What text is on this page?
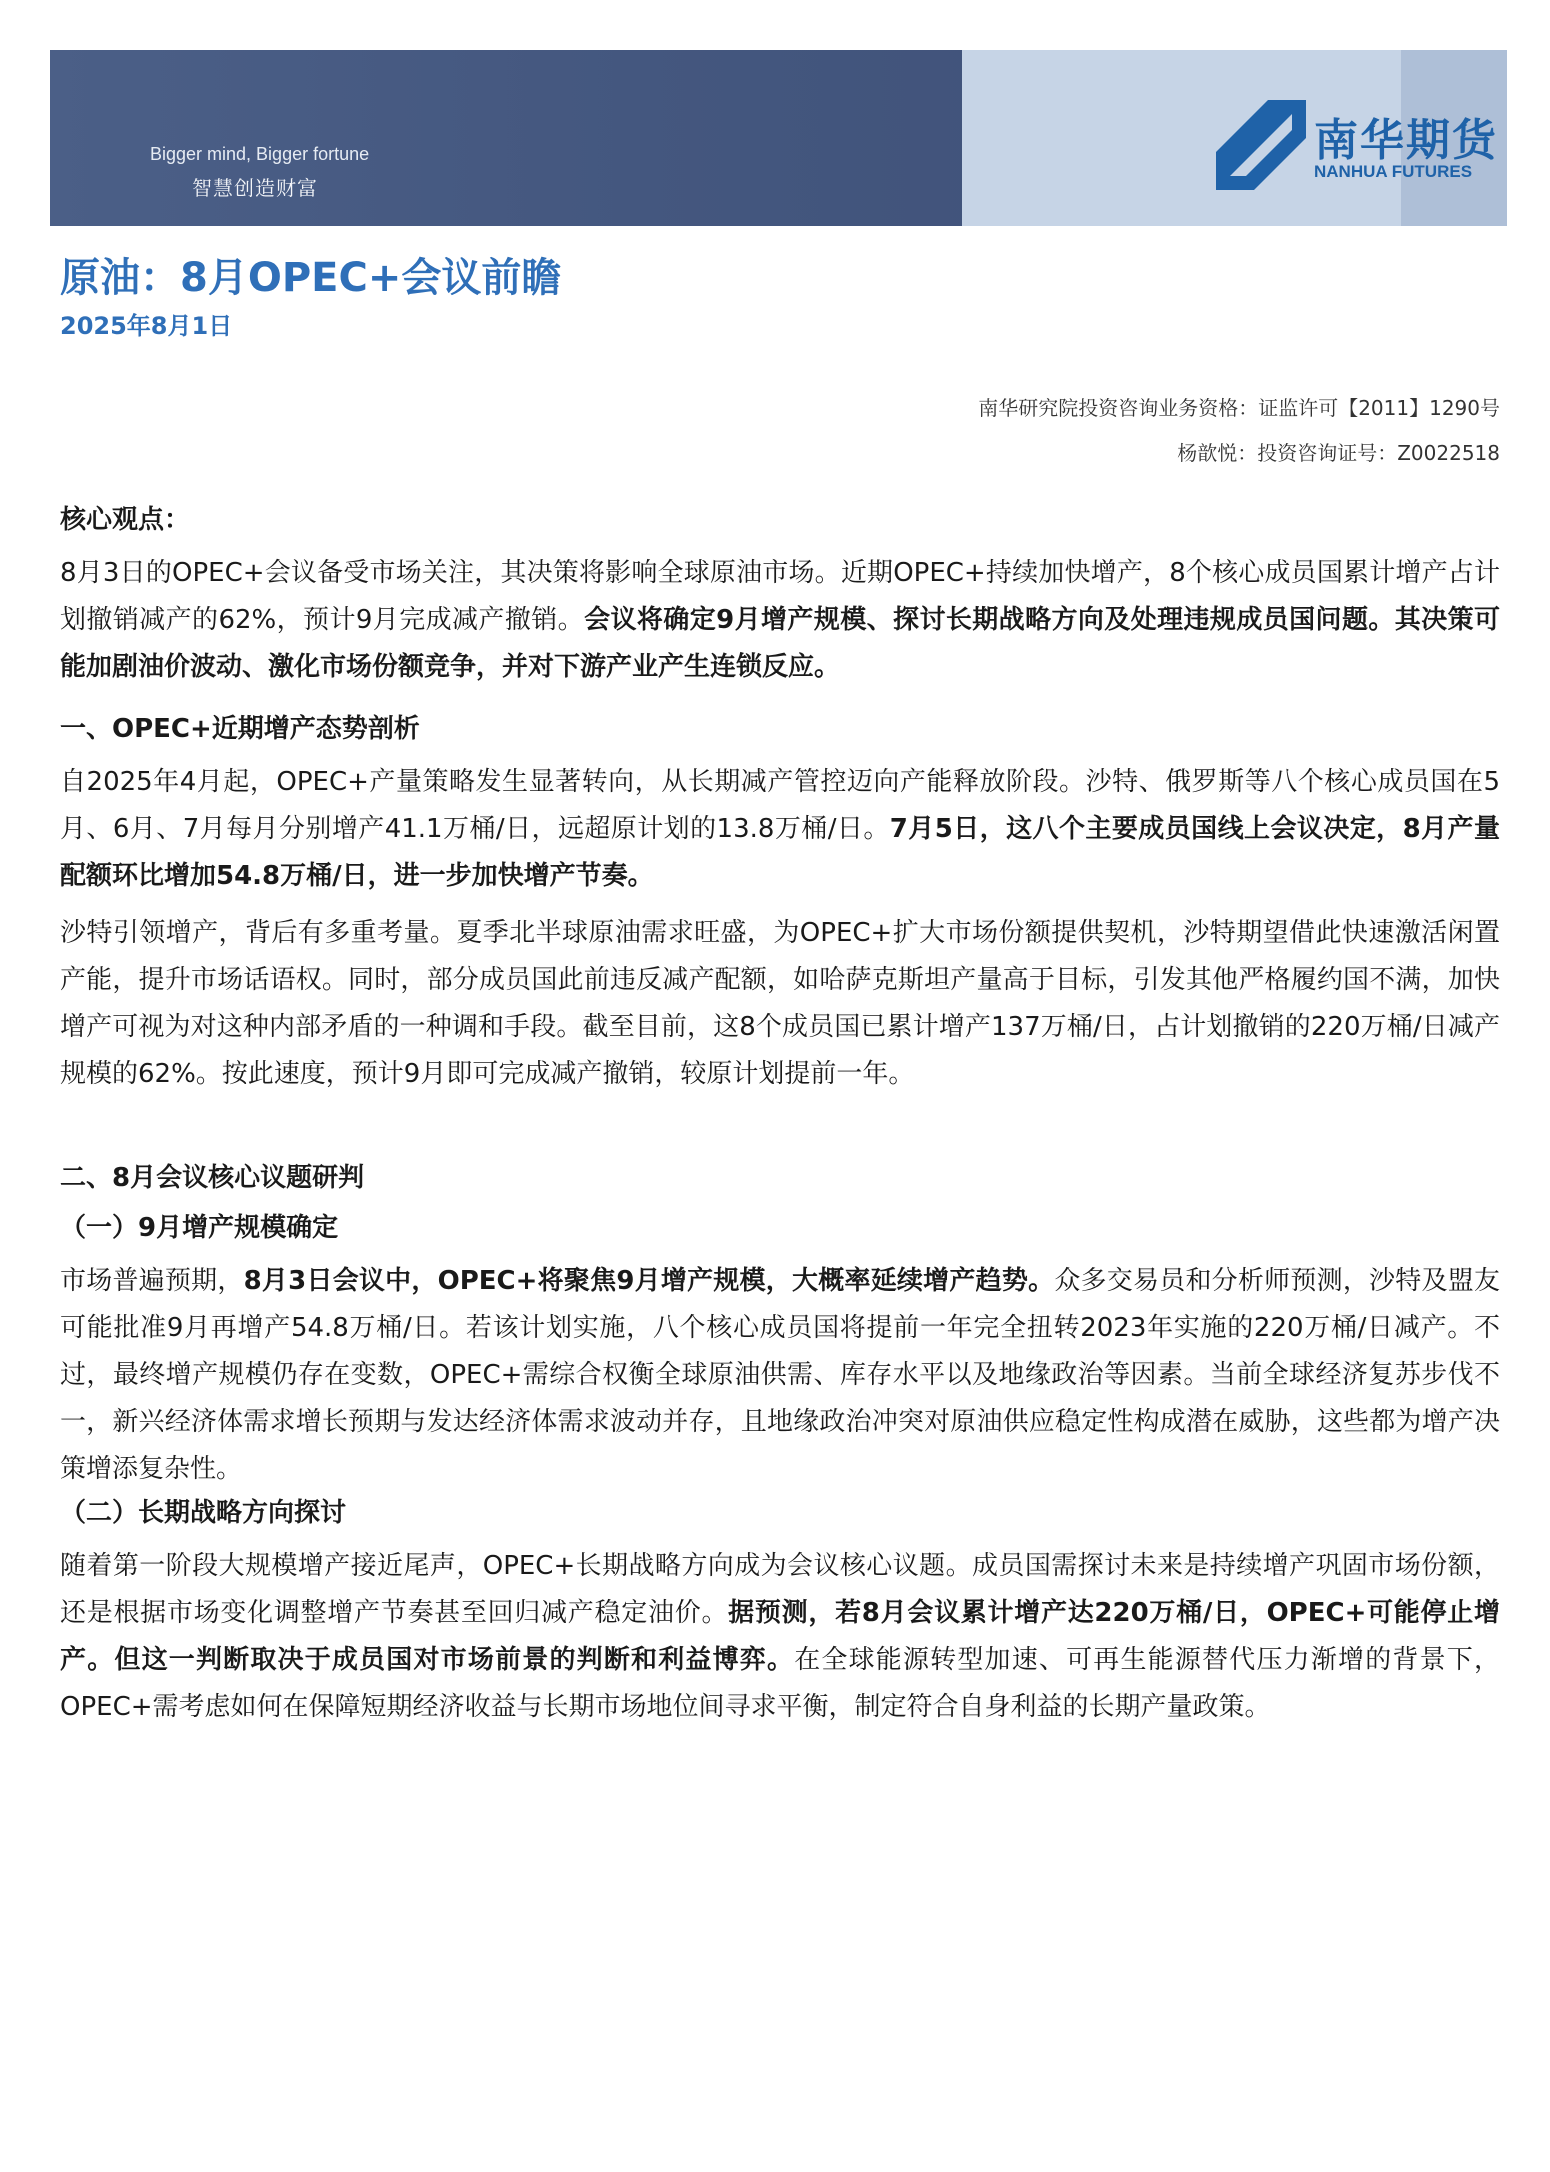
Bigger mind, Bigger fortune
智慧创造财富
南华期货
NANHUA FUTURES
原油：8月OPEC+会议前瞻
2025年8月1日
南华研究院投资咨询业务资格：证监许可【2011】1290号
杨歆悦：投资咨询证号：Z0022518

核心观点：

8月3日的OPEC+会议备受市场关注，其决策将影响全球原油市场。近期OPEC+持续加快增产，8个核心成员国累计增产占计划撤销减产的62%，预计9月完成减产撤销。会议将确定9月增产规模、探讨长期战略方向及处理违规成员国问题。其决策可能加剧油价波动、激化市场份额竞争，并对下游产业产生连锁反应。

一、OPEC+近期增产态势剖析

自2025年4月起，OPEC+产量策略发生显著转向，从长期减产管控迈向产能释放阶段。沙特、俄罗斯等八个核心成员国在5月、6月、7月每月分别增产41.1万桶/日，远超原计划的13.8万桶/日。7月5日，这八个主要成员国线上会议决定，8月产量配额环比增加54.8万桶/日，进一步加快增产节奏。

沙特引领增产，背后有多重考量。夏季北半球原油需求旺盛，为OPEC+扩大市场份额提供契机，沙特期望借此快速激活闲置产能，提升市场话语权。同时，部分成员国此前违反减产配额，如哈萨克斯坦产量高于目标，引发其他严格履约国不满，加快增产可视为对这种内部矛盾的一种调和手段。截至目前，这8个成员国已累计增产137万桶/日，占计划撤销的220万桶/日减产规模的62%。按此速度，预计9月即可完成减产撤销，较原计划提前一年。

二、8月会议核心议题研判

（一）9月增产规模确定

市场普遍预期，8月3日会议中，OPEC+将聚焦9月增产规模，大概率延续增产趋势。众多交易员和分析师预测，沙特及盟友可能批准9月再增产54.8万桶/日。若该计划实施，八个核心成员国将提前一年完全扭转2023年实施的220万桶/日减产。不过，最终增产规模仍存在变数，OPEC+需综合权衡全球原油供需、库存水平以及地缘政治等因素。当前全球经济复苏步伐不一，新兴经济体需求增长预期与发达经济体需求波动并存，且地缘政治冲突对原油供应稳定性构成潜在威胁，这些都为增产决策增添复杂性。

（二）长期战略方向探讨

随着第一阶段大规模增产接近尾声，OPEC+长期战略方向成为会议核心议题。成员国需探讨未来是持续增产巩固市场份额，还是根据市场变化调整增产节奏甚至回归减产稳定油价。据预测，若8月会议累计增产达220万桶/日，OPEC+可能停止增产。但这一判断取决于成员国对市场前景的判断和利益博弈。在全球能源转型加速、可再生能源替代压力渐增的背景下，OPEC+需考虑如何在保障短期经济收益与长期市场地位间寻求平衡，制定符合自身利益的长期产量政策。
